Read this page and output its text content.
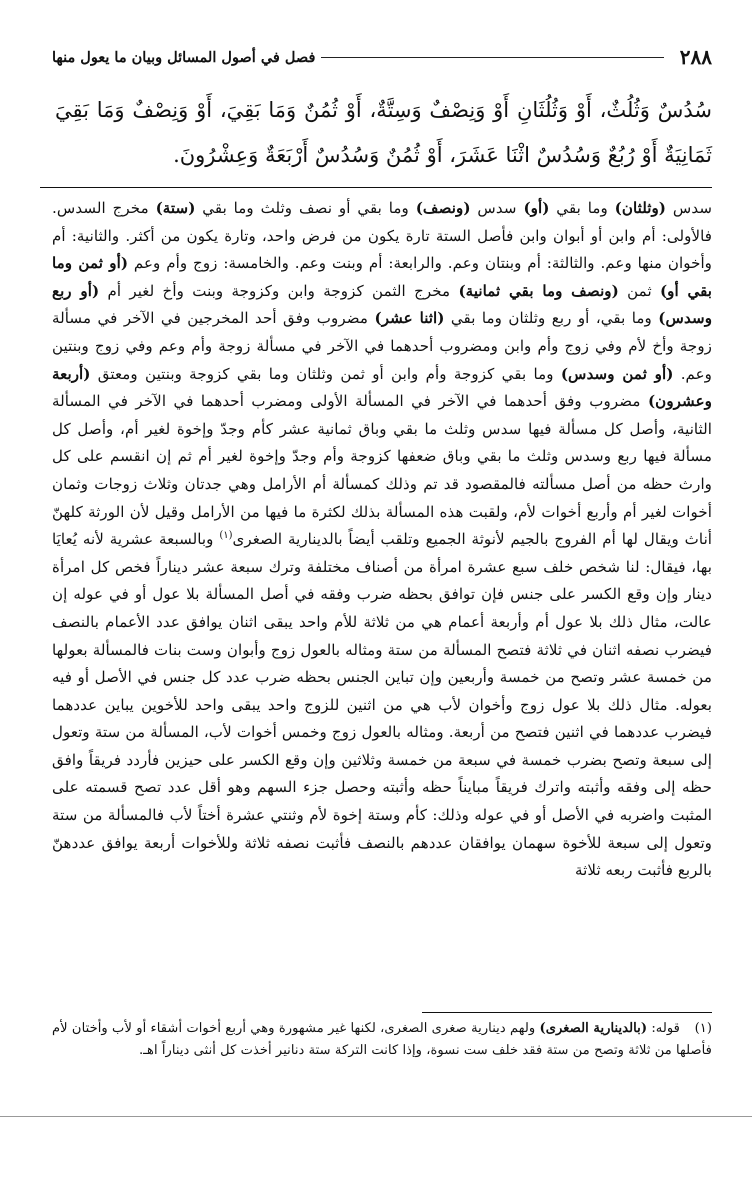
٢٨٨
فصل في أصول المسائل وبيان ما يعول منها
سُدُسٌ وَثُلُثٌ، أَوْ وَثُلُثَانِ أَوْ وَنِصْفٌ وَسِتَّةٌ، أَوْ ثُمُنٌ وَمَا بَقِيَ، أَوْ وَنِصْفٌ وَمَا بَقِيَ ثَمَانِيَةٌ أَوْ رُبُعٌ وَسُدُسٌ اثْنَا عَشَرَ، أَوْ ثُمُنٌ وَسُدُسٌ أَرْبَعَةٌ وَعِشْرُونَ.
سدس (وثلثان) وما بقي (أو) سدس (ونصف) وما بقي أو نصف وثلث وما بقي (ستة) مخرج السدس. فالأولى: أم وابن أو أبوان وابن فأصل الستة تارة يكون من فرض واحد، وتارة يكون من أكثر. والثانية: أم وأخوان منها وعم. والثالثة: أم وبنتان وعم. والرابعة: أم وبنت وعم. والخامسة: زوج وأم وعم (أو ثمن وما بقي أو) ثمن (ونصف وما بقي ثمانية) مخرج الثمن كزوجة وابن وكزوجة وبنت وأخ لغير أم (أو ربع وسدس) وما بقي، أو ربع وثلثان وما بقي (اثنا عشر) مضروب وفق أحد المخرجين في الآخر في مسألة زوجة وأخ لأم وفي زوج وأم وابن ومضروب أحدهما في الآخر في مسألة زوجة وأم وعم وفي زوج وبنتين وعم. (أو ثمن وسدس) وما بقي كزوجة وأم وابن أو ثمن وثلثان وما بقي كزوجة وبنتين ومعتق (أربعة وعشرون) مضروب وفق أحدهما في الآخر في المسألة الأولى ومضرب أحدهما في الآخر في المسألة الثانية، وأصل كل مسألة فيها سدس وثلث ما بقي وباق ثمانية عشر كأم وجدّ وإخوة لغير أم، وأصل كل مسألة فيها ربع وسدس وثلث ما بقي وباق ضعفها كزوجة وأم وجدّ وإخوة لغير أم ثم إن انقسم على كل وارث حظه من أصل مسألته فالمقصود قد تم وذلك كمسألة أم الأرامل وهي جدتان وثلاث زوجات وثمان أخوات لغير أم وأربع أخوات لأم، ولقبت هذه المسألة بذلك لكثرة ما فيها من الأرامل وقيل لأن الورثة كلهنّ أناث ويقال لها أم الفروج بالجيم لأنوثة الجميع وتلقب أيضاً بالدينارية الصغرى$^{(١)}$ وبالسبعة عشرية لأنه يُعايَا بها، فيقال: لنا شخص خلف سبع عشرة امرأة من أصناف مختلفة وترك سبعة عشر ديناراً فخص كل امرأة دينار وإن وقع الكسر على جنس فإن توافق بحظه ضرب وفقه في أصل المسألة بلا عول أو في عوله إن عالت، مثال ذلك بلا عول أم وأربعة أعمام هي من ثلاثة للأم واحد يبقى اثنان يوافق عدد الأعمام بالنصف فيضرب نصفه اثنان في ثلاثة فتصح المسألة من ستة ومثاله بالعول زوج وأبوان وست بنات فالمسألة بعولها من خمسة عشر وتصح من خمسة وأربعين وإن تباين الجنس بحظه ضرب عدد كل جنس في الأصل أو فيه بعوله. مثال ذلك بلا عول زوج وأخوان لأب هي من اثنين للزوج واحد يبقى واحد للأخوين يباين عددهما فيضرب عددهما في اثنين فتصح من أربعة. ومثاله بالعول زوج وخمس أخوات لأب، المسألة من ستة وتعول إلى سبعة وتصح بضرب خمسة في سبعة من خمسة وثلاثين وإن وقع الكسر على حيزين فأردد فريقاً وافق حظه إلى وفقه وأثبته واترك فريقاً مبايناً حظه وأثبته وحصل جزء السهم وهو أقل عدد تصح قسمته على المثبت واضربه في الأصل أو في عوله وذلك: كأم وستة إخوة لأم وثنتي عشرة أختاً لأب فالمسألة من ستة وتعول إلى سبعة للأخوة سهمان يوافقان عددهم بالنصف فأثبت نصفه ثلاثة وللأخوات أربعة يوافق عددهنّ بالربع فأثبت ربعه ثلاثة
(١)قوله: (بالدينارية الصغرى) ولهم دينارية صغرى الصغرى، لكنها غير مشهورة وهي أربع أخوات أشقاء أو لأب وأختان لأم فأصلها من ثلاثة وتصح من ستة فقد خلف ست نسوة، وإذا كانت التركة ستة دنانير أخذت كل أنثى ديناراً اهـ.
